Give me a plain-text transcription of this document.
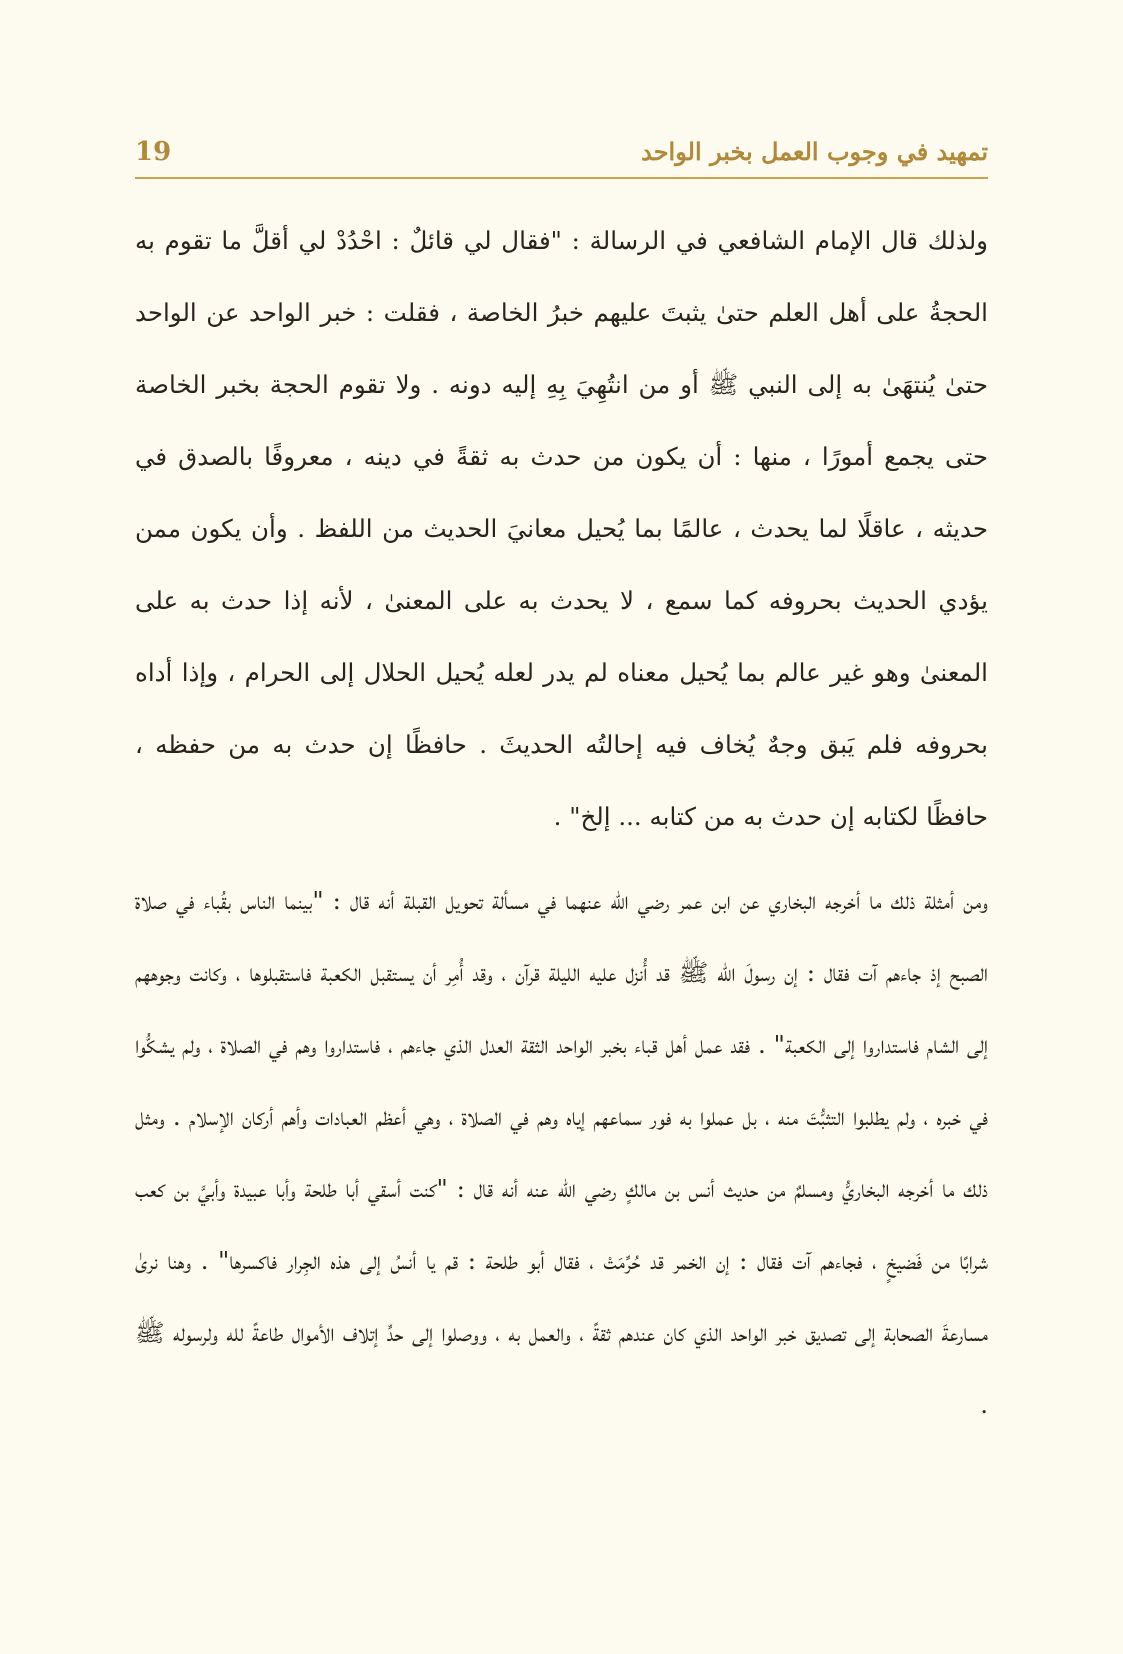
19	تمهيد في وجوب العمل بخبر الواحد

ولذلك قال الإمام الشافعي في الرسالة : "فقال لي قائلٌ : احْدُدْ لي أقلَّ ما تقوم به الحجةُ على أهل العلم حتىٰ يثبتَ عليهم خبرُ الخاصة ، فقلت : خبر الواحد عن الواحد حتىٰ يُنتهَىٰ به إلى النبي ﷺ أو من انتُهِيَ بِهِ إليه دونه . ولا تقوم الحجة بخبر الخاصة حتى يجمع أمورًا ، منها : أن يكون من حدث به ثقةً في دينه ، معروفًا بالصدق في حديثه ، عاقلًا لما يحدث ، عالمًا بما يُحيل معانيَ الحديث من اللفظ . وأن يكون ممن يؤدي الحديث بحروفه كما سمع ، لا يحدث به على المعنىٰ ، لأنه إذا حدث به على المعنىٰ وهو غير عالم بما يُحيل معناه لم يدر لعله يُحيل الحلال إلى الحرام ، وإذا أداه بحروفه فلم يَبق وجهٌ يُخاف فيه إحالتُه الحديثَ . حافظًا إن حدث به من حفظه ، حافظًا لكتابه إن حدث به من كتابه ... إلخ" .

ومن أمثلة ذلك ما أخرجه البخاري عن ابن عمر رضي الله عنهما في مسألة تحويل القبلة أنه قال : "بينما الناس بقُباء في صلاة الصبح إذ جاءهم آت فقال : إن رسولَ الله ﷺ قد أُنزل عليه الليلة قرآن ، وقد أُمِر أن يستقبل الكعبة فاستقبلوها ، وكانت وجوههم إلى الشام فاستداروا إلى الكعبة" . فقد عمل أهل قباء بخبر الواحد الثقة العدل الذي جاءهم ، فاستداروا وهم في الصلاة ، ولم يشكُّوا في خبره ، ولم يطلبوا التثبُّتَ منه ، بل عملوا به فور سماعهم إياه وهم في الصلاة ، وهي أعظم العبادات وأهم أركان الإسلام . ومثل ذلك ما أخرجه البخاريُّ ومسلمٌ من حديث أنس بن مالكٍ رضي الله عنه أنه قال : "كنت أسقي أبا طلحة وأبا عبيدة وأبيَّ بن كعب شرابًا من فَضيخٍ ، فجاءهم آت فقال : إن الخمر قد حُرِّمَتْ ، فقال أبو طلحة : قم يا أنسُ إلى هذه الجِرار فاكسرها" . وهنا نرىٰ مسارعةَ الصحابة إلى تصديق خبر الواحد الذي كان عندهم ثقةً ، والعمل به ، ووصلوا إلى حدِّ إتلاف الأموال طاعةً لله ولرسوله ﷺ .
